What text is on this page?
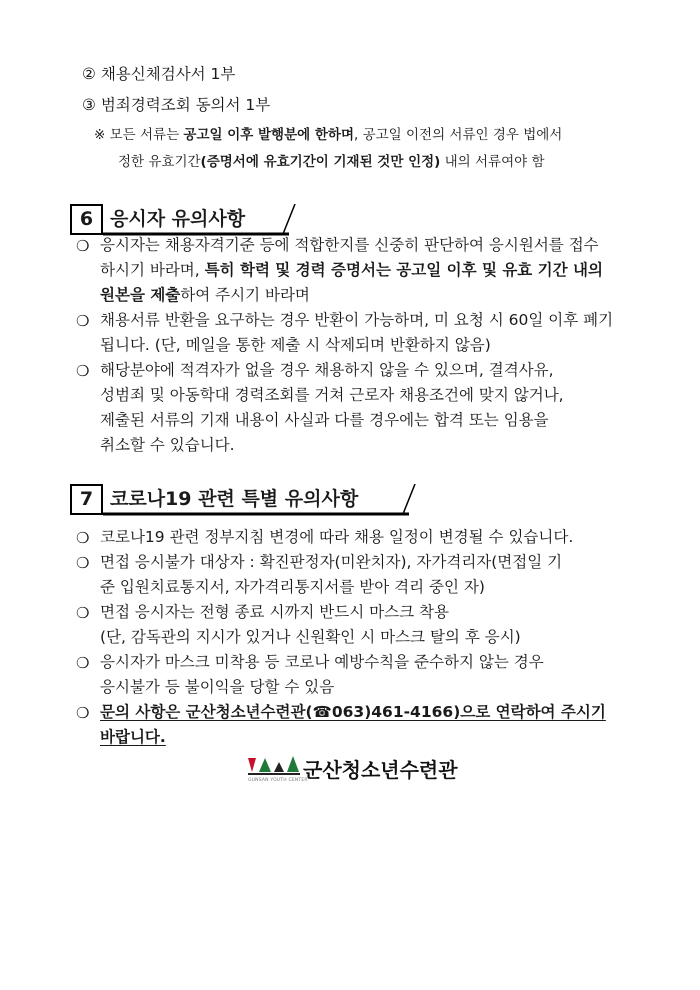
② 채용신체검사서 1부
③ 범죄경력조회 동의서 1부
※ 모든 서류는 공고일 이후 발행분에 한하며, 공고일 이전의 서류인 경우 법에서
정한 유효기간(증명서에 유효기간이 기재된 것만 인정) 내의 서류여야 함
6 응시자 유의사항
❍ 응시자는 채용자격기준 등에 적합한지를 신중히 판단하여 응시원서를 접수
하시기 바라며, 특히 학력 및 경력 증명서는 공고일 이후 및 유효 기간 내의
원본을 제출하여 주시기 바라며
❍ 채용서류 반환을 요구하는 경우 반환이 가능하며, 미 요청 시 60일 이후 폐기
됩니다. (단, 메일을 통한 제출 시 삭제되며 반환하지 않음)
❍ 해당분야에 적격자가 없을 경우 채용하지 않을 수 있으며, 결격사유,
성범죄 및 아동학대 경력조회를 거쳐 근로자 채용조건에 맞지 않거나,
제출된 서류의 기재 내용이 사실과 다를 경우에는 합격 또는 임용을
취소할 수 있습니다.
7 코로나19 관련 특별 유의사항
❍ 코로나19 관련 정부지침 변경에 따라 채용 일정이 변경될 수 있습니다.
❍ 면접 응시불가 대상자 : 확진판정자(미완치자), 자가격리자(면접일 기
준 입원치료통지서, 자가격리통지서를 받아 격리 중인 자)
❍ 면접 응시자는 전형 종료 시까지 반드시 마스크 착용
(단, 감독관의 지시가 있거나 신원확인 시 마스크 탈의 후 응시)
❍ 응시자가 마스크 미착용 등 코로나 예방수칙을 준수하지 않는 경우
응시불가 등 불이익을 당할 수 있음
❍ 문의 사항은 군산청소년수련관(☎063)461-4166)으로 연락하여 주시기
바랍니다.
GUNSAN YOUTH CENTER
군산청소년수련관
